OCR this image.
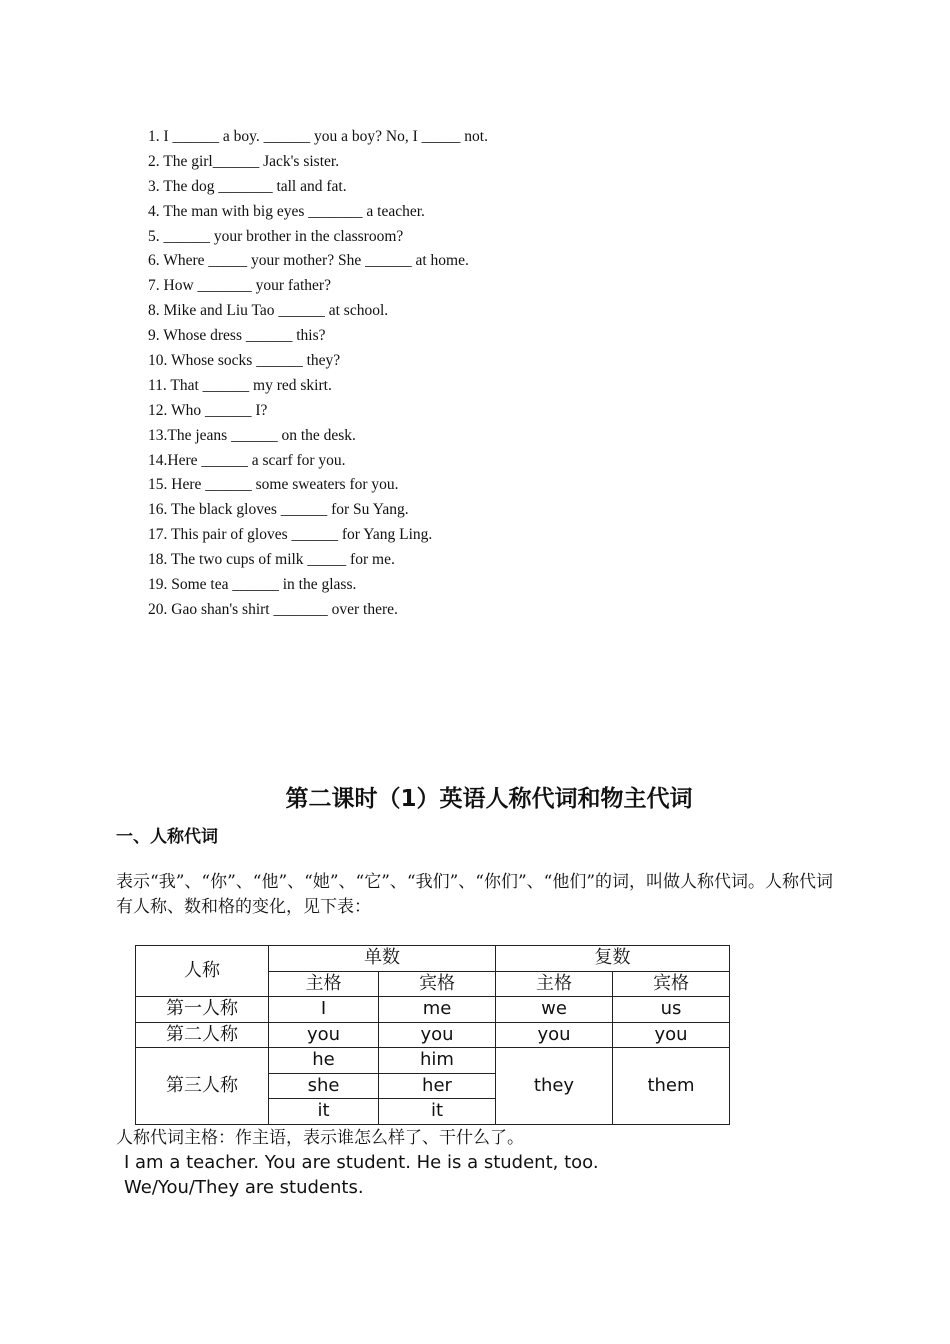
1. I ______ a boy. ______ you a boy? No, I _____ not.
2. The girl______ Jack's sister.
3. The dog _______ tall and fat.
4. The man with big eyes _______ a teacher.
5. ______ your brother in the classroom?
6. Where _____ your mother? She ______ at home.
7. How _______ your father?
8. Mike and Liu Tao ______ at school.
9. Whose dress ______ this?
10. Whose socks ______ they?
11. That ______ my red skirt.
12. Who ______ I?
13.The jeans ______ on the desk.
14.Here ______ a scarf for you.
15. Here ______ some sweaters for you.
16. The black gloves ______ for Su Yang.
17. This pair of gloves ______ for Yang Ling.
18. The two cups of milk _____ for me.
19. Some tea ______ in the glass.
20. Gao shan's shirt _______ over there.
第二课时（1）英语人称代词和物主代词
一、人称代词
表示“我”、“你”、“他”、“她”、“它”、“我们”、“你们”、“他们”的词，叫做人称代词。人称代词有人称、数和格的变化，见下表：
人称	单数		复数	
	主格	宾格	主格	宾格
第一人称	I	me	we	us
第二人称	you	you	you	you
第三人称	he	him	they	them
	she	her		
	it	it		
人称代词主格：作主语，表示谁怎么样了、干什么了。
I am a teacher. You are student. He is a student, too.
We/You/They are students.
